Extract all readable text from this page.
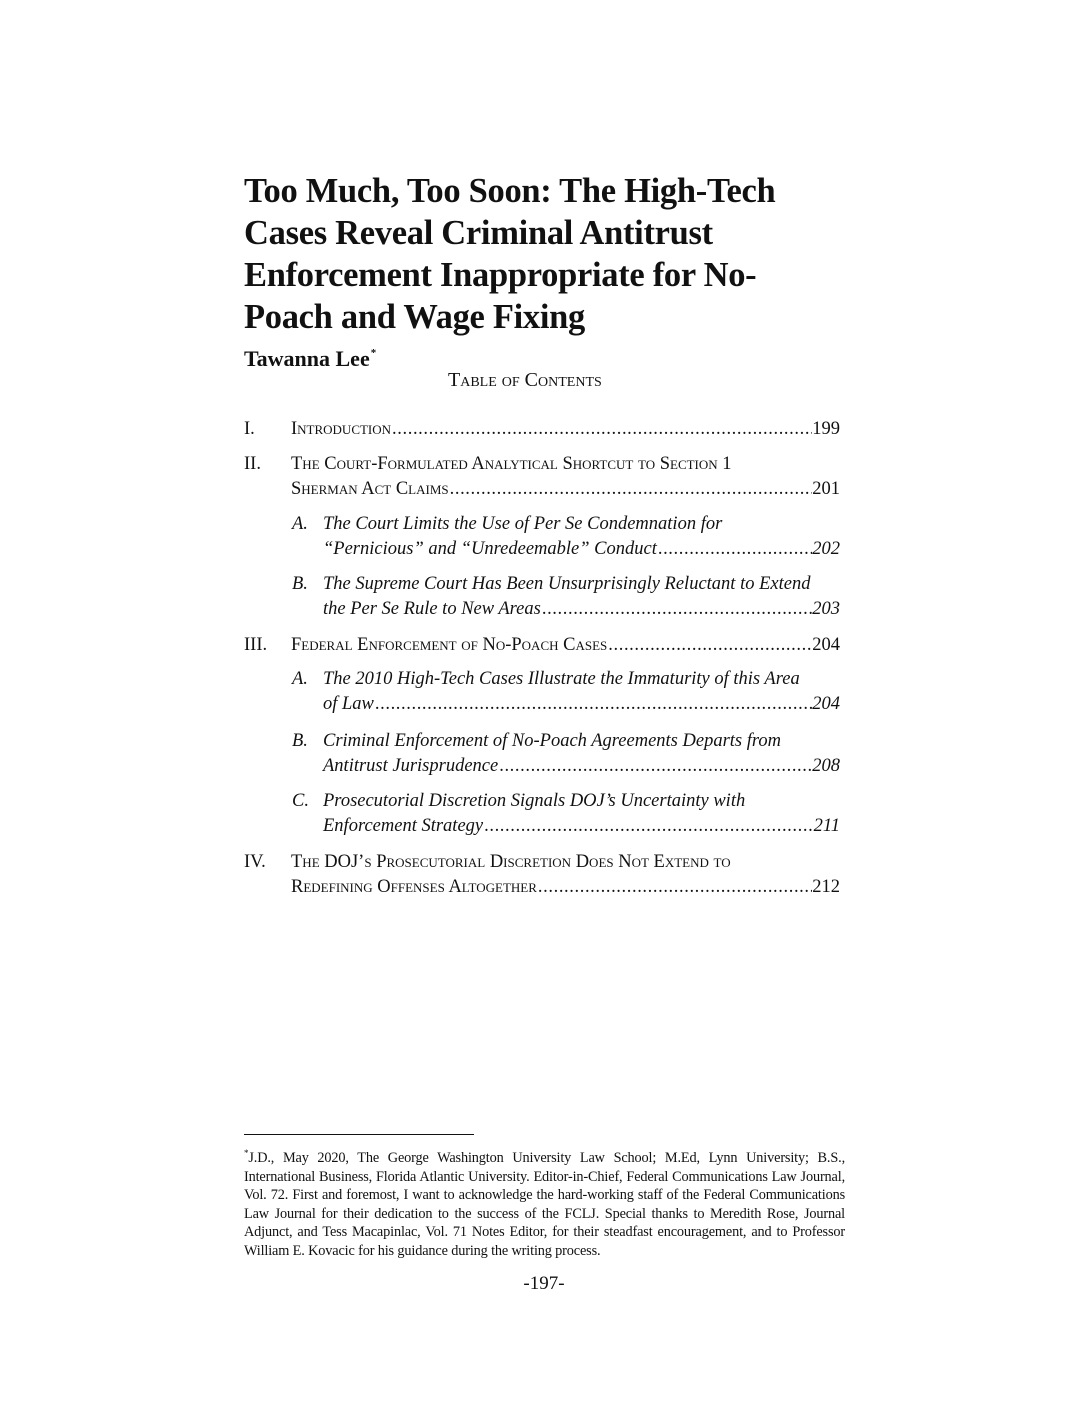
Too Much, Too Soon: The High-Tech
Cases Reveal Criminal Antitrust
Enforcement Inappropriate for No-
Poach and Wage Fixing
Tawanna Lee*
Table of Contents
I. Introduction .....	199
II. The Court-Formulated Analytical Shortcut to Section 1
Sherman Act Claims .....	201
A. The Court Limits the Use of Per Se Condemnation for
“Pernicious” and “Unredeemable” Conduct .....	202
B. The Supreme Court Has Been Unsurprisingly Reluctant to Extend
the Per Se Rule to New Areas .....	203
III. Federal Enforcement of No-Poach Cases .....	204
A. The 2010 High-Tech Cases Illustrate the Immaturity of this Area
of Law .....	204
B. Criminal Enforcement of No-Poach Agreements Departs from
Antitrust Jurisprudence .....	208
C. Prosecutorial Discretion Signals DOJ’s Uncertainty with
Enforcement Strategy .....	211
IV. The DOJ’s Prosecutorial Discretion Does Not Extend to
Redefining Offenses Altogether .....	212
*J.D., May 2020, The George Washington University Law School; M.Ed, Lynn University; B.S., International Business, Florida Atlantic University. Editor-in-Chief, Federal Communications Law Journal, Vol. 72. First and foremost, I want to acknowledge the hard-working staff of the Federal Communications Law Journal for their dedication to the success of the FCLJ. Special thanks to Meredith Rose, Journal Adjunct, and Tess Macapinlac, Vol. 71 Notes Editor, for their steadfast encouragement, and to Professor William E. Kovacic for his guidance during the writing process.
-197-
